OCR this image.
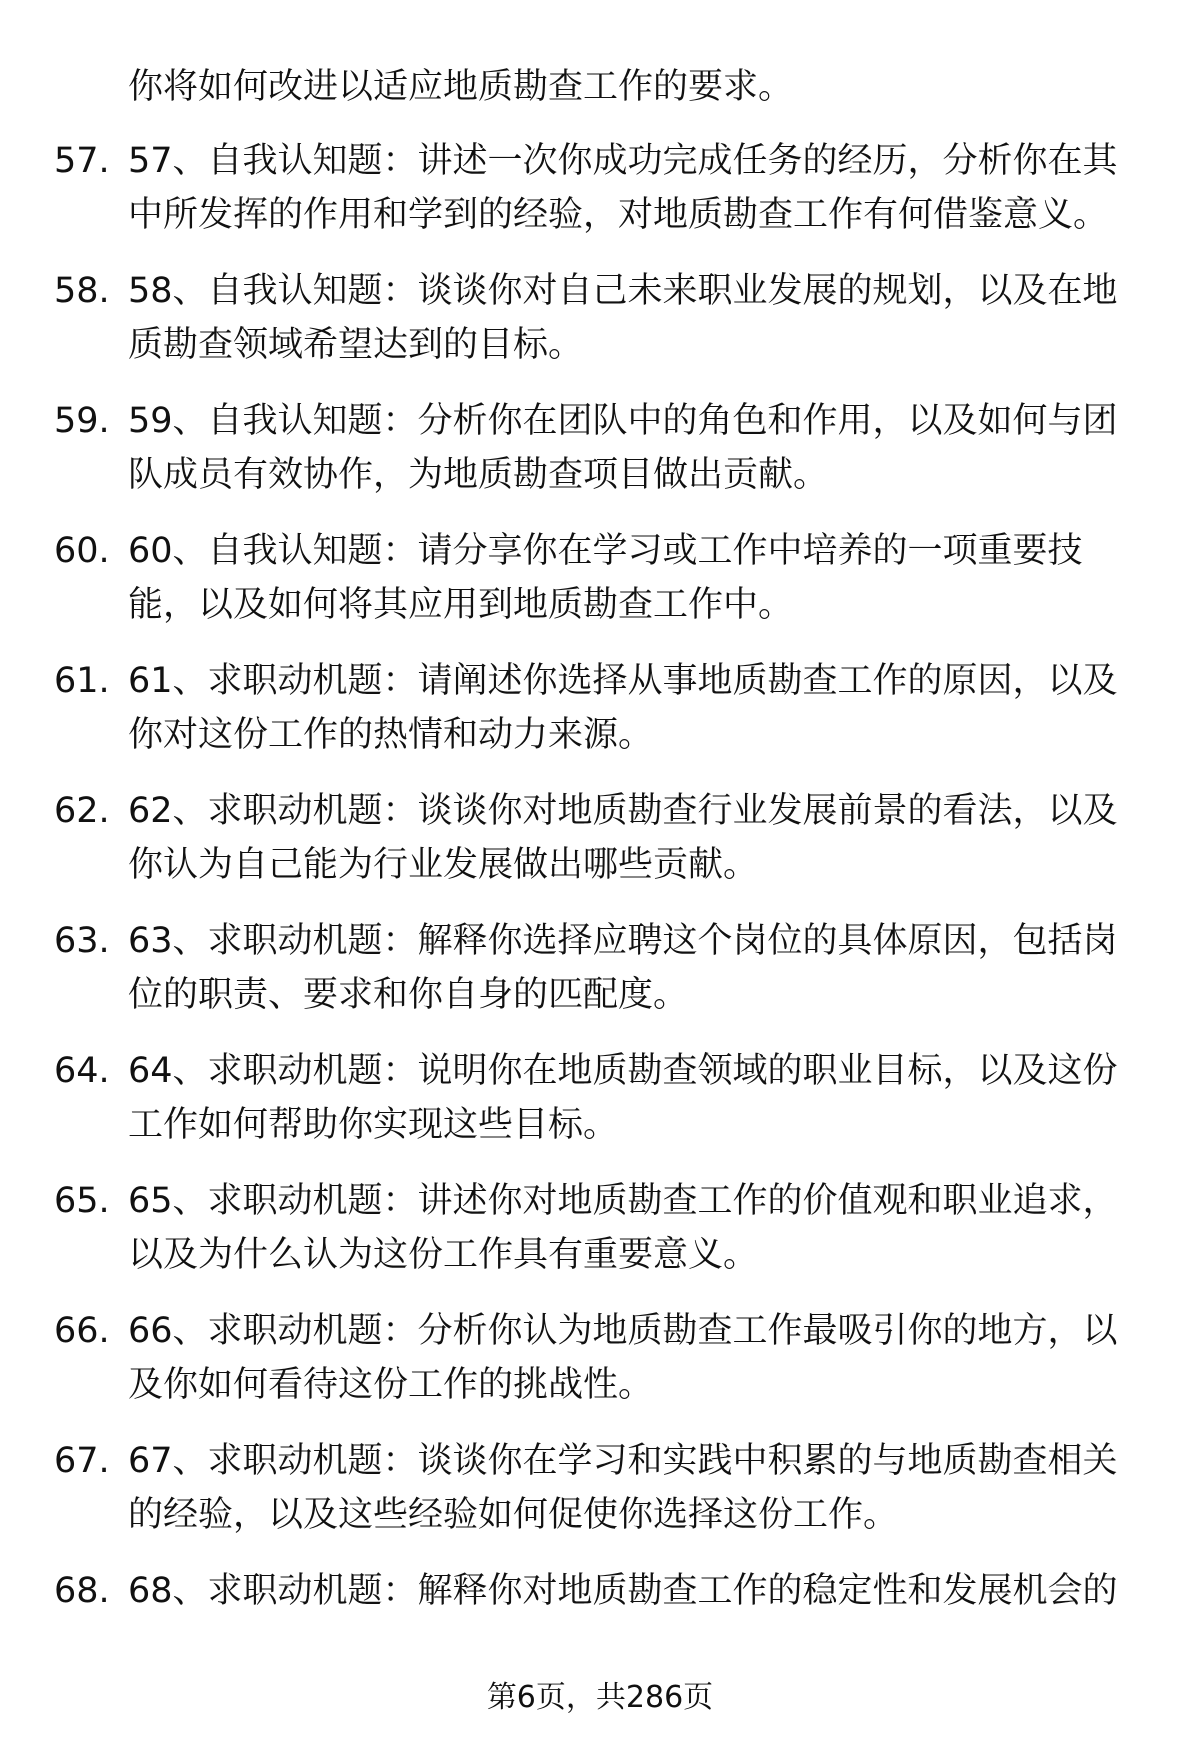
你将如何改进以适应地质勘查工作的要求。
57. 57、自我认知题：讲述一次你成功完成任务的经历，分析你在其中所发挥的作用和学到的经验，对地质勘查工作有何借鉴意义。
58. 58、自我认知题：谈谈你对自己未来职业发展的规划，以及在地质勘查领域希望达到的目标。
59. 59、自我认知题：分析你在团队中的角色和作用，以及如何与团队成员有效协作，为地质勘查项目做出贡献。
60. 60、自我认知题：请分享你在学习或工作中培养的一项重要技能，以及如何将其应用到地质勘查工作中。
61. 61、求职动机题：请阐述你选择从事地质勘查工作的原因，以及你对这份工作的热情和动力来源。
62. 62、求职动机题：谈谈你对地质勘查行业发展前景的看法，以及你认为自己能为行业发展做出哪些贡献。
63. 63、求职动机题：解释你选择应聘这个岗位的具体原因，包括岗位的职责、要求和你自身的匹配度。
64. 64、求职动机题：说明你在地质勘查领域的职业目标，以及这份工作如何帮助你实现这些目标。
65. 65、求职动机题：讲述你对地质勘查工作的价值观和职业追求，以及为什么认为这份工作具有重要意义。
66. 66、求职动机题：分析你认为地质勘查工作最吸引你的地方，以及你如何看待这份工作的挑战性。
67. 67、求职动机题：谈谈你在学习和实践中积累的与地质勘查相关的经验，以及这些经验如何促使你选择这份工作。
68. 68、求职动机题：解释你对地质勘查工作的稳定性和发展机会的
第6页，共286页
